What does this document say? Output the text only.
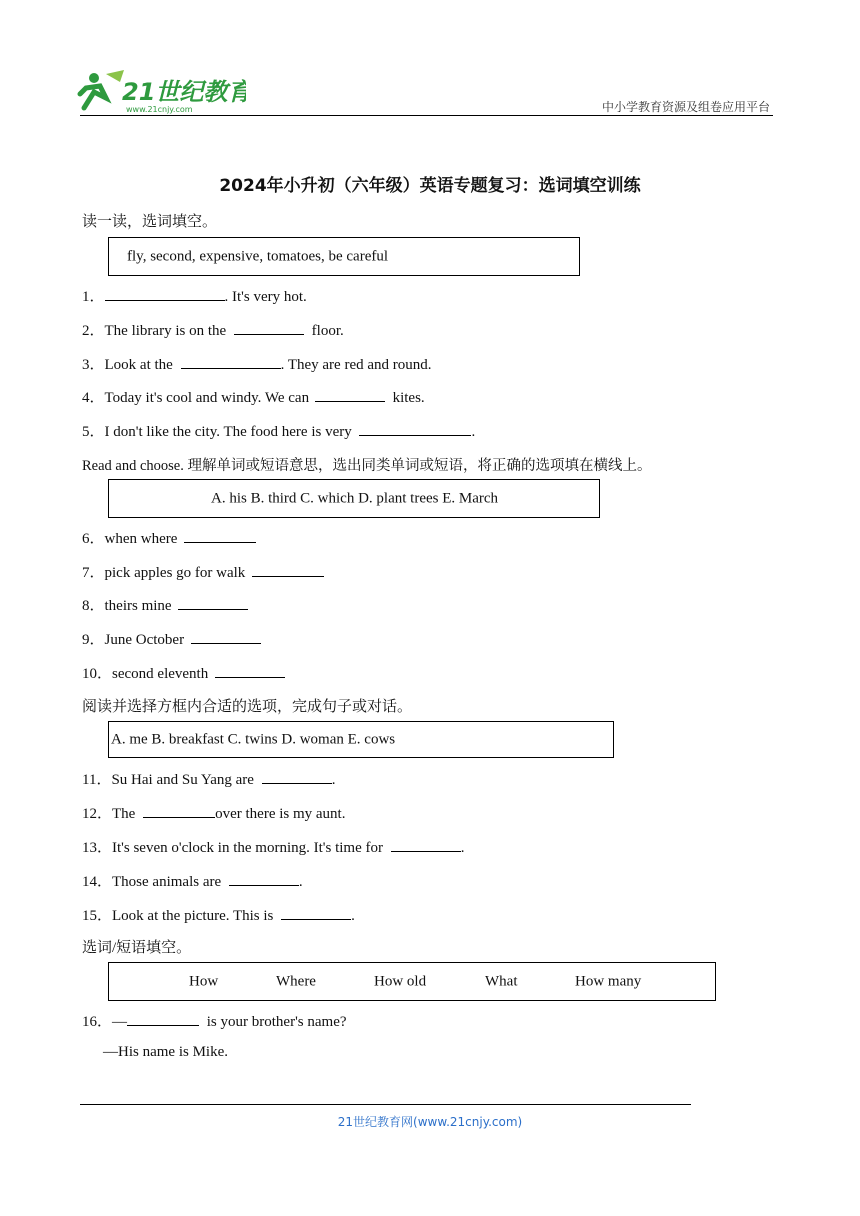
21世纪教育
www.21cnjy.com	中小学教育资源及组卷应用平台
2024年小升初（六年级）英语专题复习：选词填空训练
读一读，选词填空。
fly, second, expensive, tomatoes, be careful
1．	. It's very hot.
2．The library is on the	floor.
3．Look at the	. They are red and round.
4．Today it's cool and windy. We can	kites.
5．I don't like the city. The food here is very	.
Read and choose. 理解单词或短语意思，选出同类单词或短语，将正确的选项填在横线上。
A. his B. third C. which D. plant trees E. March
6．when where
7．pick apples go for walk
8．theirs mine
9．June October
10．second eleventh
阅读并选择方框内合适的选项，完成句子或对话。
A. me B. breakfast C. twins D. woman E. cows
11．Su Hai and Su Yang are	.
12．The	over there is my aunt.
13．It's seven o'clock in the morning. It's time for	.
14．Those animals are	.
15．Look at the picture. This is	.
选词/短语填空。
How	Where	How old	What	How many
16．—	is your brother's name?
—His name is Mike.
21世纪教育网(www.21cnjy.com)
